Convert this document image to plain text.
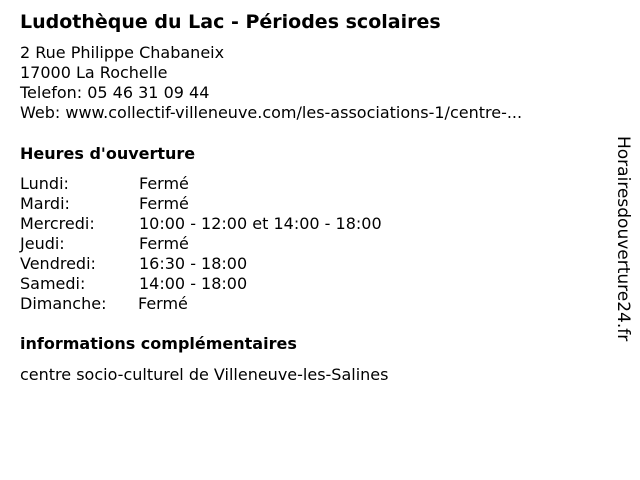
Ludothèque du Lac - Périodes scolaires
2 Rue Philippe Chabaneix
17000 La Rochelle
Telefon: 05 46 31 09 44
Web: www.collectif-villeneuve.com/les-associations-1/centre-...
Heures d'ouverture
Lundi:	Fermé
Mardi:	Fermé
Mercredi:	10:00 - 12:00 et 14:00 - 18:00
Jeudi:	Fermé
Vendredi:	16:30 - 18:00
Samedi:	14:00 - 18:00
Dimanche: Fermé
informations complémentaires
centre socio-culturel de Villeneuve-les-Salines
Horairesdouverture24.fr
